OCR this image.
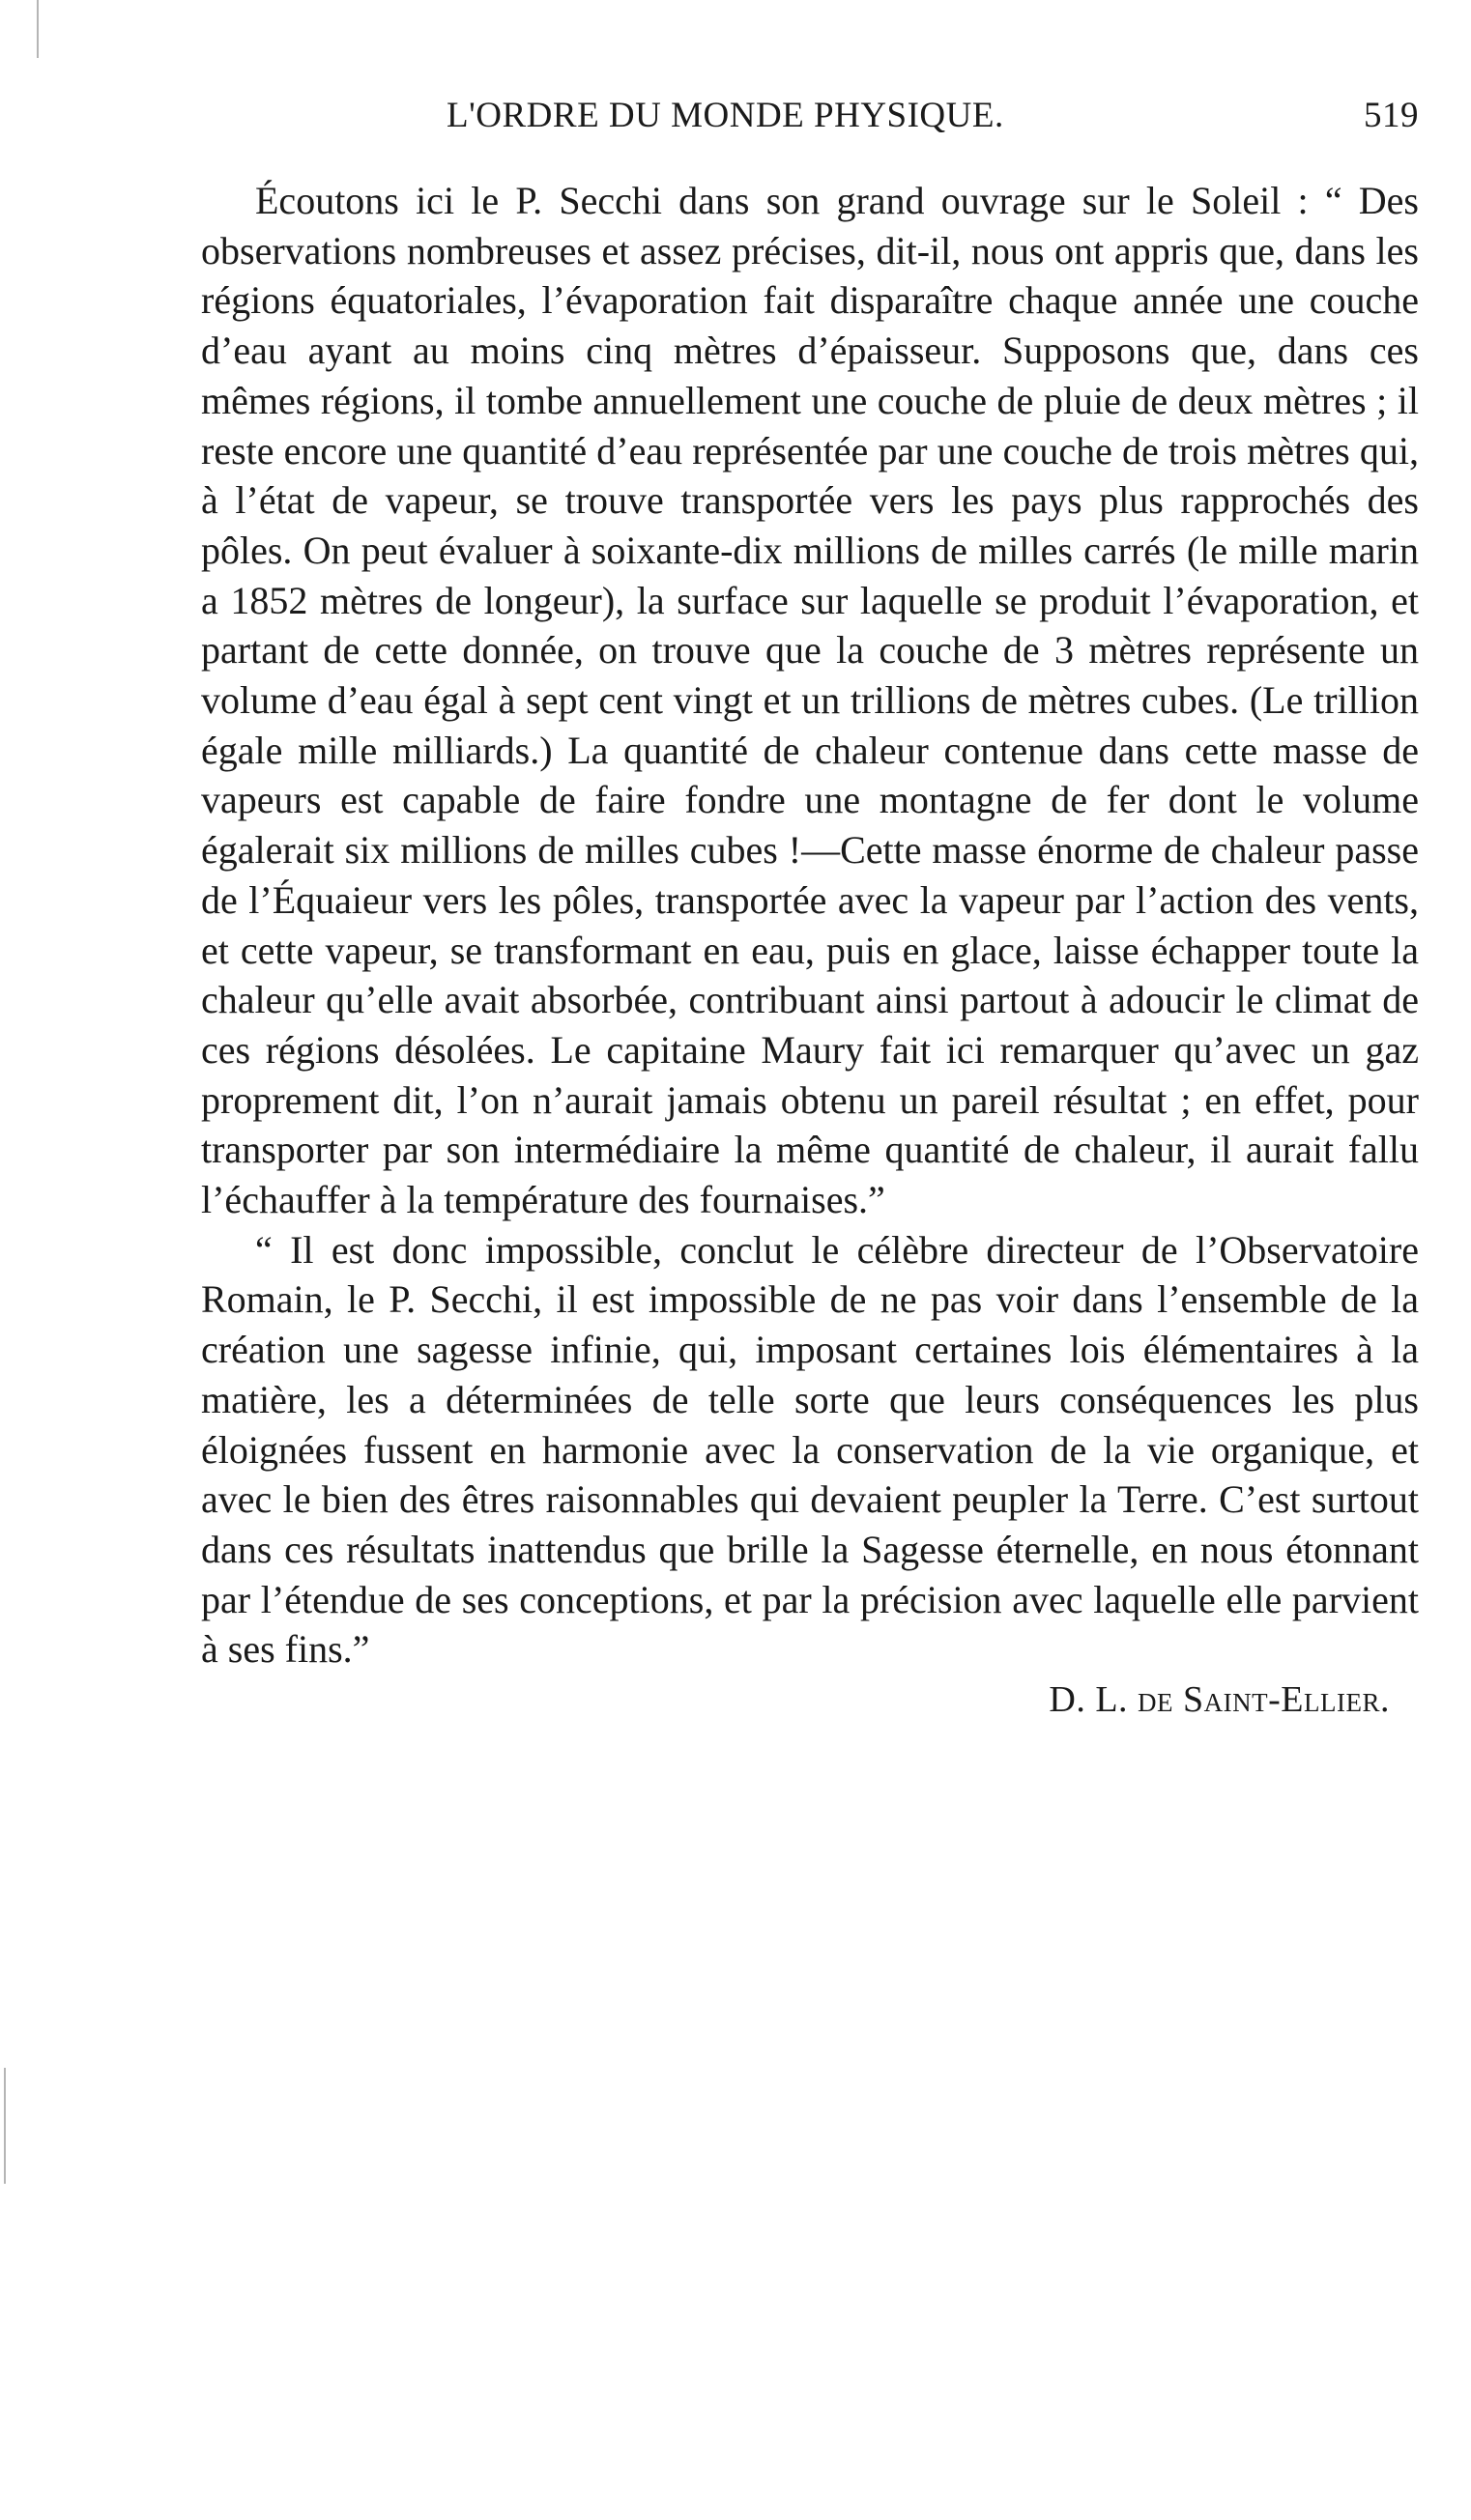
L'ORDRE DU MONDE PHYSIQUE.	519

Écoutons ici le P. Secchi dans son grand ouvrage sur le Soleil : “ Des observations nombreuses et assez précises, dit-il, nous ont appris que, dans les régions équatoriales, l’évaporation fait disparaître chaque année une couche d’eau ayant au moins cinq mètres d’épaisseur. Supposons que, dans ces mêmes régions, il tombe annuellement une couche de pluie de deux mètres ; il reste encore une quantité d’eau représentée par une couche de trois mètres qui, à l’état de vapeur, se trouve transportée vers les pays plus rapprochés des pôles. On peut évaluer à soixante-dix millions de milles carrés (le mille marin a 1852 mètres de longeur), la surface sur laquelle se produit l’évaporation, et partant de cette donnée, on trouve que la couche de 3 mètres représente un volume d’eau égal à sept cent vingt et un trillions de mètres cubes. (Le trillion égale mille milliards.) La quantité de chaleur contenue dans cette masse de vapeurs est capable de faire fondre une montagne de fer dont le volume égalerait six millions de milles cubes !—Cette masse énorme de chaleur passe de l’Équaieur vers les pôles, transportée avec la vapeur par l’action des vents, et cette vapeur, se transformant en eau, puis en glace, laisse échapper toute la chaleur qu’elle avait absorbée, contribuant ainsi partout à adoucir le climat de ces régions désolées. Le capitaine Maury fait ici remarquer qu’avec un gaz proprement dit, l’on n’aurait jamais obtenu un pareil résultat ; en effet, pour transporter par son intermédiaire la même quantité de chaleur, il aurait fallu l’échauffer à la température des fournaises.”

“ Il est donc impossible, conclut le célèbre directeur de l’Observatoire Romain, le P. Secchi, il est impossible de ne pas voir dans l’ensemble de la création une sagesse infinie, qui, imposant certaines lois élémentaires à la matière, les a déterminées de telle sorte que leurs conséquences les plus éloignées fussent en harmonie avec la conservation de la vie organique, et avec le bien des êtres raisonnables qui devaient peupler la Terre. C’est surtout dans ces résultats inattendus que brille la Sagesse éternelle, en nous étonnant par l’étendue de ses conceptions, et par la précision avec laquelle elle parvient à ses fins.”

D. L. de Saint-Ellier.
